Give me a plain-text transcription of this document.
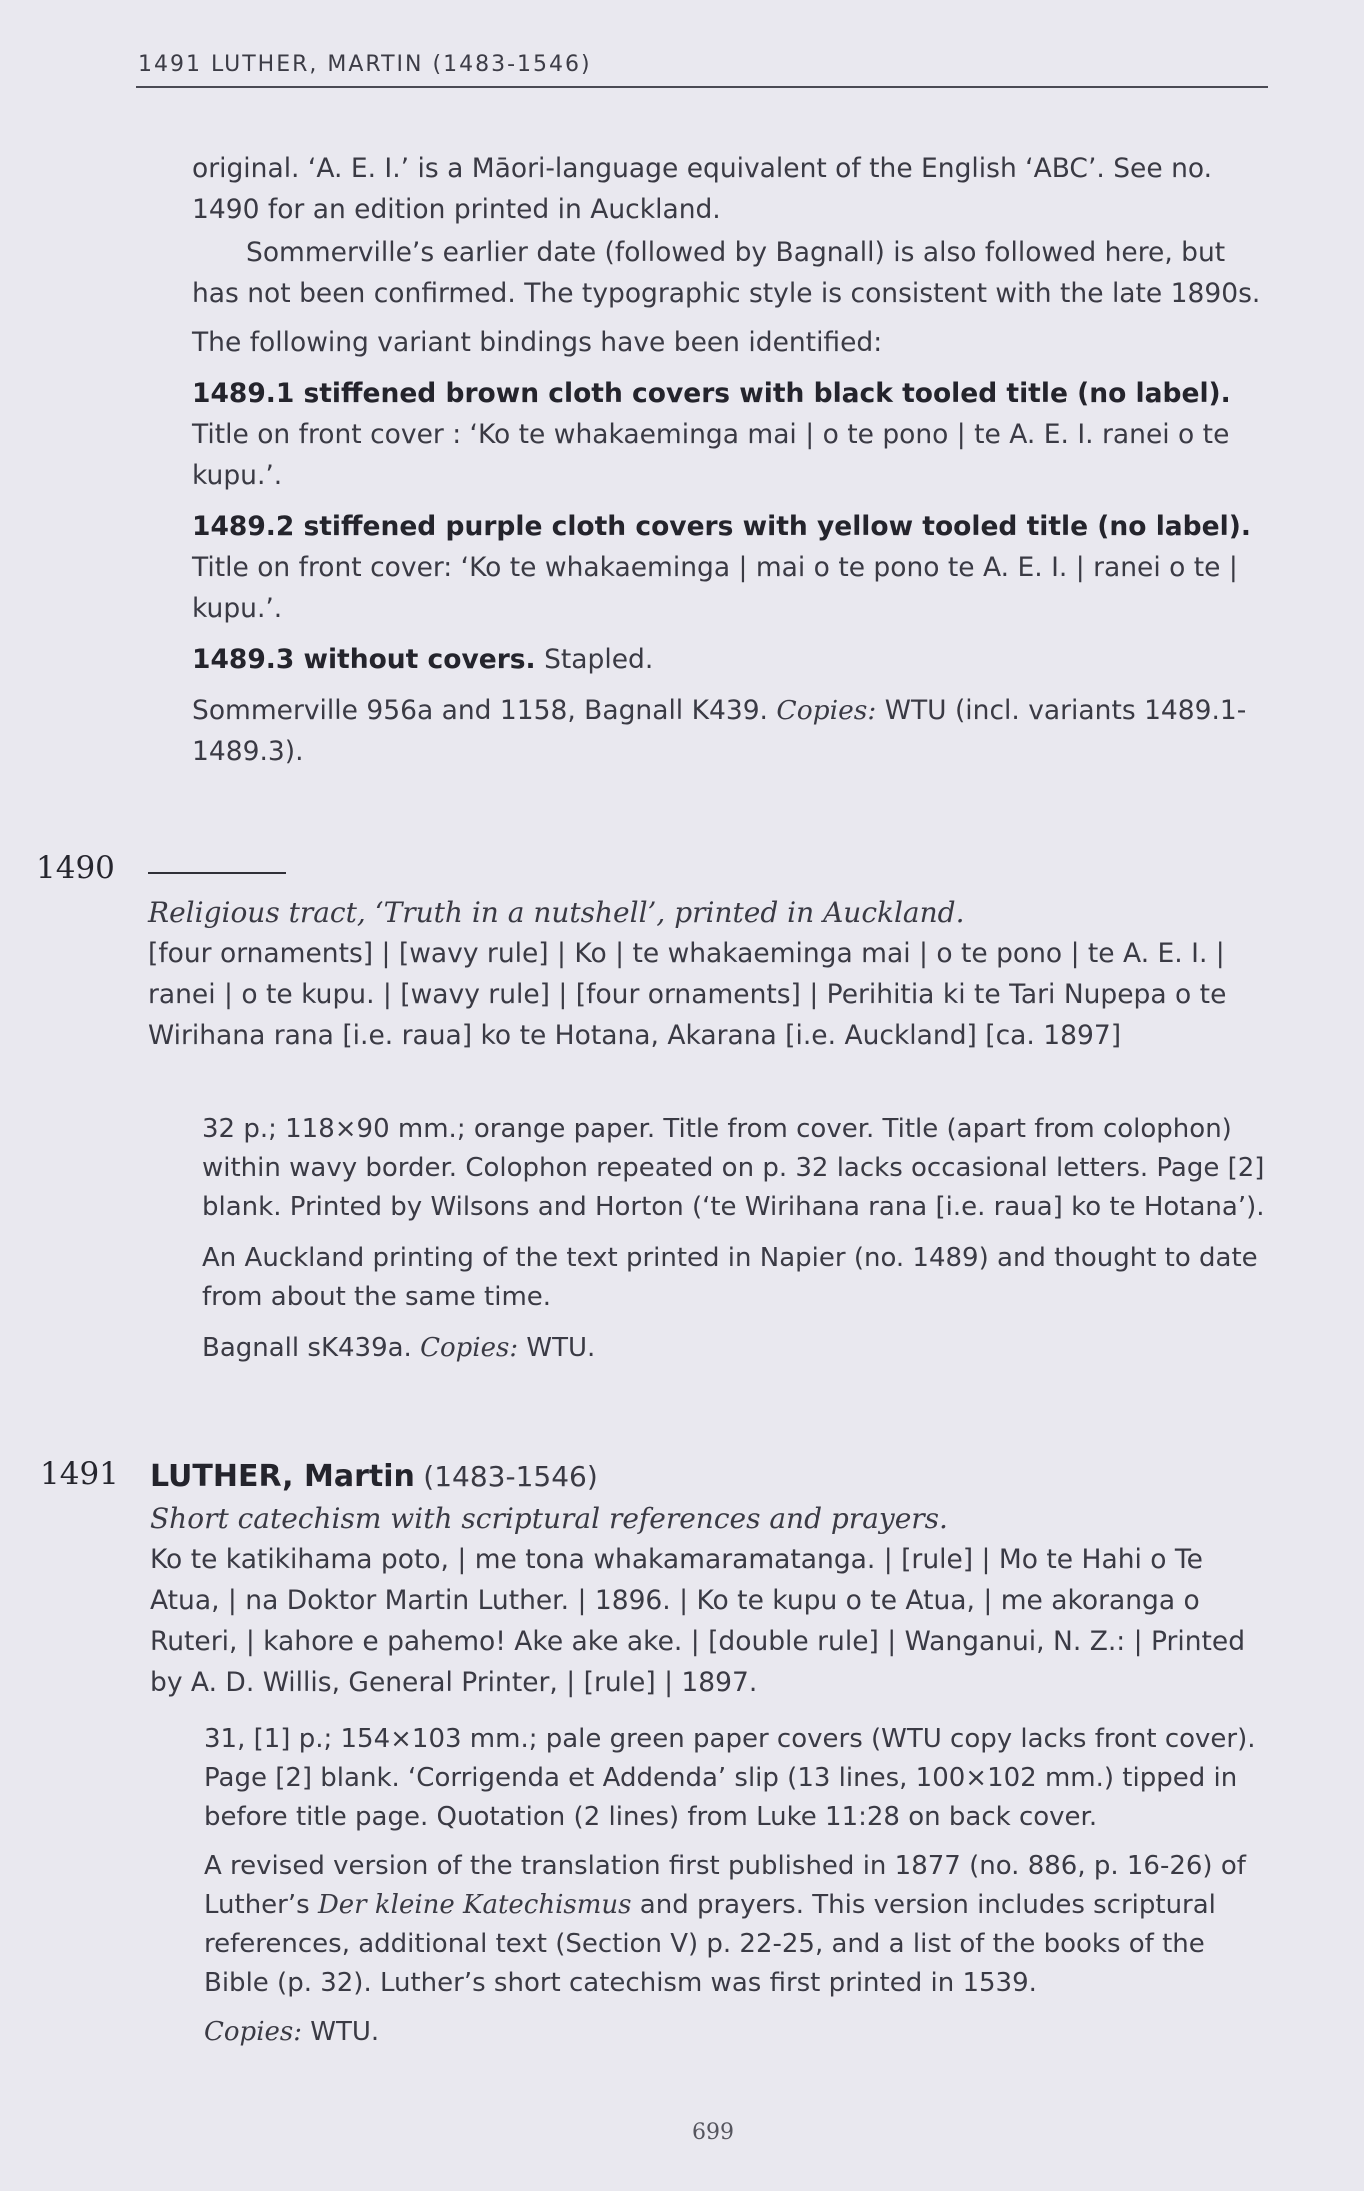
1491 LUTHER, MARTIN (1483-1546)

original. ‘A. E. I.’ is a Māori-language equivalent of the English ‘ABC’. See no. 1490 for an edition printed in Auckland.

Sommerville’s earlier date (followed by Bagnall) is also followed here, but has not been confirmed. The typographic style is consistent with the late 1890s.

The following variant bindings have been identified:

1489.1 stiffened brown cloth covers with black tooled title (no label).

Title on front cover : ‘Ko te whakaeminga mai | o te pono | te A. E. I. ranei o te kupu.’.

1489.2 stiffened purple cloth covers with yellow tooled title (no label).

Title on front cover: ‘Ko te whakaeminga | mai o te pono te A. E. I. | ranei o te | kupu.’.

1489.3 without covers. Stapled.

Sommerville 956a and 1158, Bagnall K439. Copies: WTU (incl. variants 1489.1-1489.3).

1490

Religious tract, ‘Truth in a nutshell’, printed in Auckland.

[four ornaments] | [wavy rule] | Ko | te whakaeminga mai | o te pono | te A. E. I. | ranei | o te kupu. | [wavy rule] | [four ornaments] | Perihitia ki te Tari Nupepa o te Wirihana rana [i.e. raua] ko te Hotana, Akarana [i.e. Auckland] [ca. 1897]

32 p.; 118×90 mm.; orange paper. Title from cover. Title (apart from colophon) within wavy border. Colophon repeated on p. 32 lacks occasional letters. Page [2] blank. Printed by Wilsons and Horton (‘te Wirihana rana [i.e. raua] ko te Hotana’).

An Auckland printing of the text printed in Napier (no. 1489) and thought to date from about the same time.

Bagnall sK439a. Copies: WTU.

1491 LUTHER, Martin (1483-1546)

Short catechism with scriptural references and prayers.

Ko te katikihama poto, | me tona whakamaramatanga. | [rule] | Mo te Hahi o Te Atua, | na Doktor Martin Luther. | 1896. | Ko te kupu o te Atua, | me akoranga o Ruteri, | kahore e pahemo! Ake ake ake. | [double rule] | Wanganui, N. Z.: | Printed by A. D. Willis, General Printer, | [rule] | 1897.

31, [1] p.; 154×103 mm.; pale green paper covers (WTU copy lacks front cover). Page [2] blank. ‘Corrigenda et Addenda’ slip (13 lines, 100×102 mm.) tipped in before title page. Quotation (2 lines) from Luke 11:28 on back cover.

A revised version of the translation first published in 1877 (no. 886, p. 16-26) of Luther’s Der kleine Katechismus and prayers. This version includes scriptural references, additional text (Section V) p. 22-25, and a list of the books of the Bible (p. 32). Luther’s short catechism was first printed in 1539.

Copies: WTU.

699
